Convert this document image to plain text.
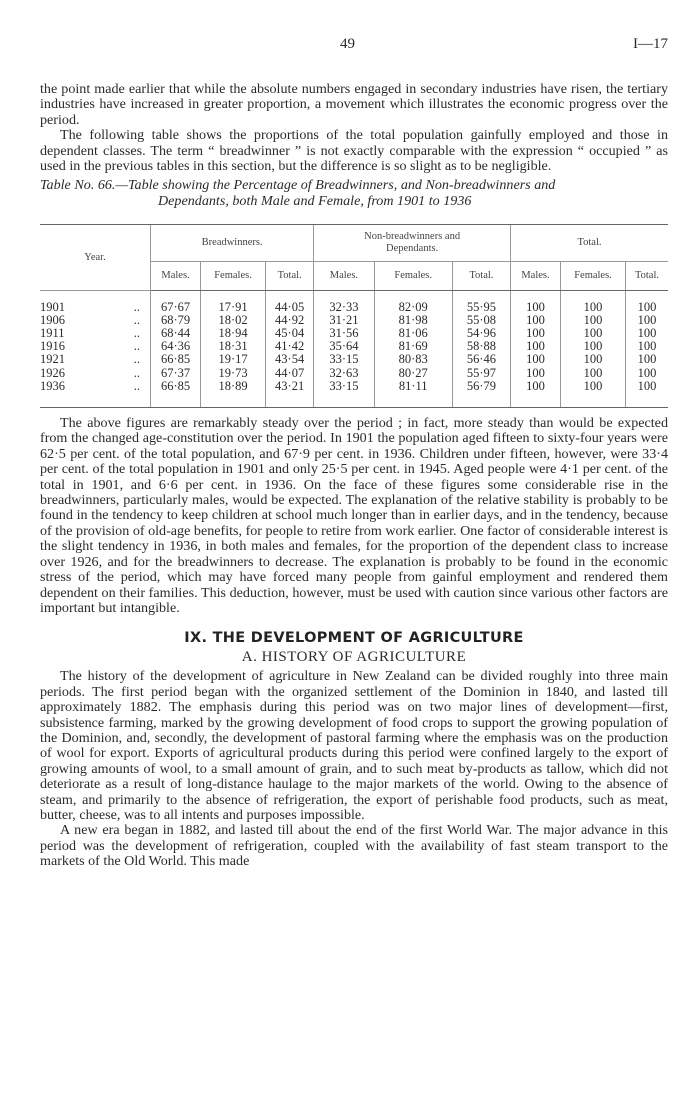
49	I—17

the point made earlier that while the absolute numbers engaged in secondary industries have risen, the tertiary industries have increased in greater proportion, a movement which illustrates the economic progress over the period.

The following table shows the proportions of the total population gainfully employed and those in dependent classes. The term “ breadwinner ” is not exactly comparable with the expression “ occupied ” as used in the previous tables in this section, but the difference is so slight as to be negligible.

Table No. 66.—Table showing the Percentage of Breadwinners, and Non-breadwinners and
Dependants, both Male and Female, from 1901 to 1936
Year.	Breadwinners.			Non-breadwinners and Dependants.			Total.		
	Males.	Females.	Total.	Males.	Females.	Total.	Males.	Females.	Total.

1901 ..	67·67	17·91	44·05	32·33	82·09	55·95	100	100	100

1906 ..	68·79	18·02	44·92	31·21	81·98	55·08	100	100	100

1911 ..	68·44	18·94	45·04	31·56	81·06	54·96	100	100	100

1916 ..	64·36	18·31	41·42	35·64	81·69	58·88	100	100	100

1921 ..	66·85	19·17	43·54	33·15	80·83	56·46	100	100	100

1926 ..	67·37	19·73	44·07	32·63	80·27	55·97	100	100	100

1936 ..	66·85	18·89	43·21	33·15	81·11	56·79	100	100	100

The above figures are remarkably steady over the period ; in fact, more steady than would be expected from the changed age-constitution over the period. In 1901 the population aged fifteen to sixty-four years were 62·5 per cent. of the total population, and 67·9 per cent. in 1936. Children under fifteen, however, were 33·4 per cent. of the total population in 1901 and only 25·5 per cent. in 1945. Aged people were 4·1 per cent. of the total in 1901, and 6·6 per cent. in 1936. On the face of these figures some considerable rise in the breadwinners, particularly males, would be expected. The explanation of the relative stability is probably to be found in the tendency to keep children at school much longer than in earlier days, and in the tendency, because of the provision of old-age benefits, for people to retire from work earlier. One factor of considerable interest is the slight tendency in 1936, in both males and females, for the proportion of the dependent class to increase over 1926, and for the breadwinners to decrease. The explanation is probably to be found in the economic stress of the period, which may have forced many people from gainful employment and rendered them dependent on their families. This deduction, however, must be used with caution since various other factors are important but intangible.

IX. THE DEVELOPMENT OF AGRICULTURE
A. HISTORY OF AGRICULTURE

The history of the development of agriculture in New Zealand can be divided roughly into three main periods. The first period began with the organized settlement of the Dominion in 1840, and lasted till approximately 1882. The emphasis during this period was on two major lines of development—first, subsistence farming, marked by the growing development of food crops to support the growing population of the Dominion, and, secondly, the development of pastoral farming where the emphasis was on the production of wool for export. Exports of agricultural products during this period were confined largely to the export of growing amounts of wool, to a small amount of grain, and to such meat by-products as tallow, which did not deteriorate as a result of long-distance haulage to the major markets of the world. Owing to the absence of steam, and primarily to the absence of refrigeration, the export of perishable food products, such as meat, butter, cheese, was to all intents and purposes impossible.

A new era began in 1882, and lasted till about the end of the first World War. The major advance in this period was the development of refrigeration, coupled with the availability of fast steam transport to the markets of the Old World. This made
